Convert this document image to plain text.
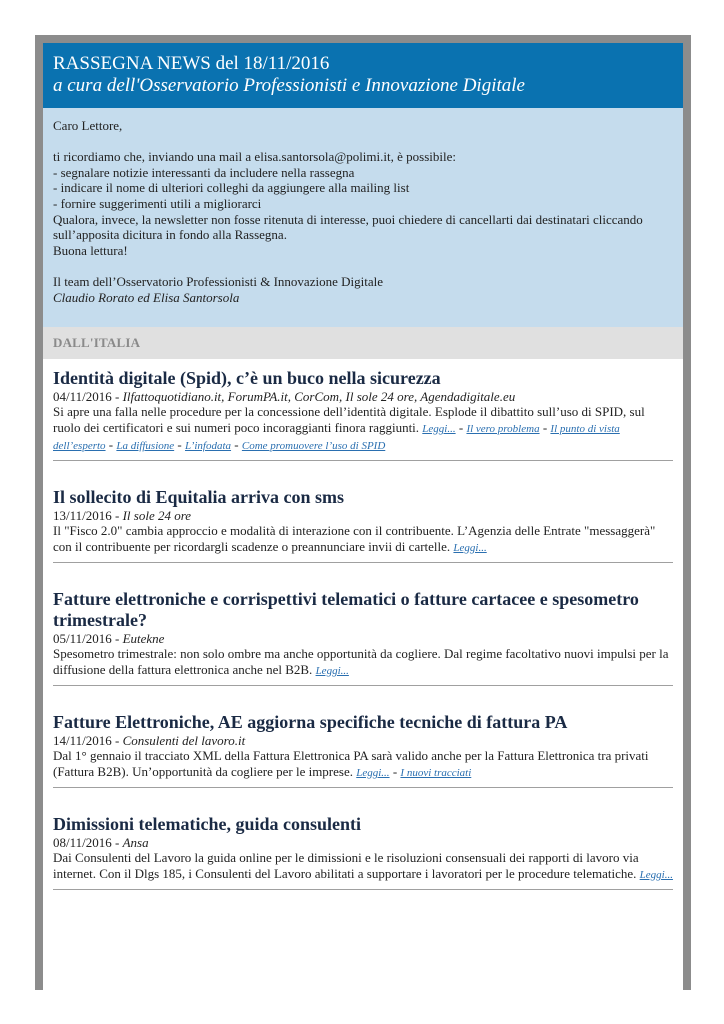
RASSEGNA NEWS del 18/11/2016
a cura dell'Osservatorio Professionisti e Innovazione Digitale

Caro Lettore,

ti ricordiamo che, inviando una mail a elisa.santorsola@polimi.it, è possibile:

- segnalare notizie interessanti da includere nella rassegna

- indicare il nome di ulteriori colleghi da aggiungere alla mailing list

- fornire suggerimenti utili a migliorarci

Qualora, invece, la newsletter non fosse ritenuta di interesse, puoi chiedere di cancellarti dai destinatari cliccando sull’apposita dicitura in fondo alla Rassegna.

Buona lettura!

Il team dell’Osservatorio Professionisti & Innovazione Digitale

Claudio Rorato ed Elisa Santorsola

DALL'ITALIA
Identità digitale (Spid), c’è un buco nella sicurezza
04/11/2016 - Ilfattoquotidiano.it, ForumPA.it, CorCom, Il sole 24 ore, Agendadigitale.eu
Si apre una falla nelle procedure per la concessione dell’identità digitale. Esplode il dibattito sull’uso di SPID, sul ruolo dei certificatori e sui numeri poco incoraggianti finora raggiunti. Leggi... - Il vero problema - Il punto di vista dell’esperto - La diffusione - L’infodata - Come promuovere l’uso di SPID
Il sollecito di Equitalia arriva con sms
13/11/2016 - Il sole 24 ore
Il "Fisco 2.0" cambia approccio e modalità di interazione con il contribuente. L’Agenzia delle Entrate "messaggerà" con il contribuente per ricordargli scadenze o preannunciare invii di cartelle. Leggi...
Fatture elettroniche e corrispettivi telematici o fatture cartacee e spesometro trimestrale?
05/11/2016 - Eutekne
Spesometro trimestrale: non solo ombre ma anche opportunità da cogliere. Dal regime facoltativo nuovi impulsi per la diffusione della fattura elettronica anche nel B2B. Leggi...
Fatture Elettroniche, AE aggiorna specifiche tecniche di fattura PA
14/11/2016 - Consulenti del lavoro.it
Dal 1° gennaio il tracciato XML della Fattura Elettronica PA sarà valido anche per la Fattura Elettronica tra privati (Fattura B2B). Un’opportunità da cogliere per le imprese. Leggi... - I nuovi tracciati
Dimissioni telematiche, guida consulenti
08/11/2016 - Ansa
Dai Consulenti del Lavoro la guida online per le dimissioni e le risoluzioni consensuali dei rapporti di lavoro via internet. Con il Dlgs 185, i Consulenti del Lavoro abilitati a supportare i lavoratori per le procedure telematiche. Leggi...
